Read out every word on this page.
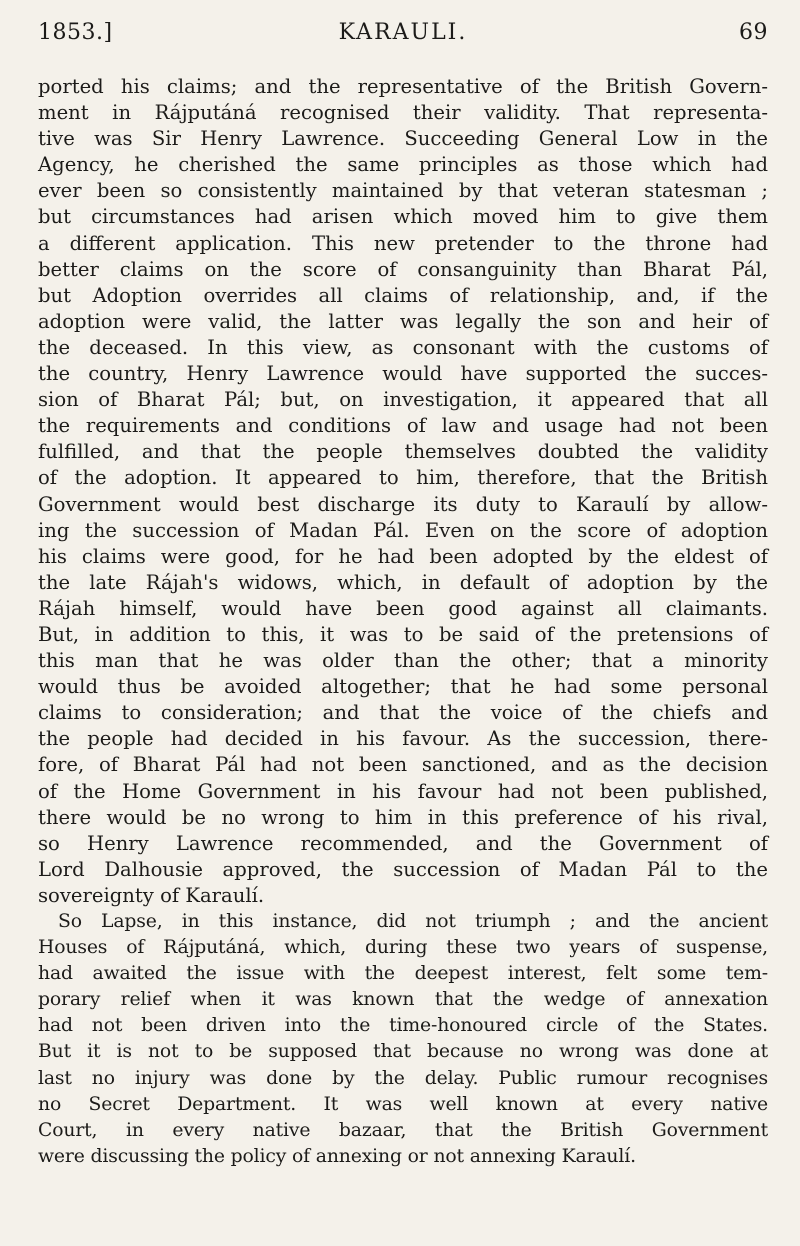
KARAULI.
1853.]	69
ported his claims; and the representative of the British Govern-
ment in Rájputáná recognised their validity. That representa-
tive was Sir Henry Lawrence. Succeeding General Low in the
Agency, he cherished the same principles as those which had
ever been so consistently maintained by that veteran statesman ;
but circumstances had arisen which moved him to give them
a different application. This new pretender to the throne had
better claims on the score of consanguinity than Bharat Pál,
but Adoption overrides all claims of relationship, and, if the
adoption were valid, the latter was legally the son and heir of
the deceased. In this view, as consonant with the customs of
the country, Henry Lawrence would have supported the succes-
sion of Bharat Pál; but, on investigation, it appeared that all
the requirements and conditions of law and usage had not been
fulfilled, and that the people themselves doubted the validity
of the adoption. It appeared to him, therefore, that the British
Government would best discharge its duty to Karaulí by allow-
ing the succession of Madan Pál. Even on the score of adoption
his claims were good, for he had been adopted by the eldest of
the late Rájah's widows, which, in default of adoption by the
Rájah himself, would have been good against all claimants.
But, in addition to this, it was to be said of the pretensions of
this man that he was older than the other; that a minority
would thus be avoided altogether; that he had some personal
claims to consideration; and that the voice of the chiefs and
the people had decided in his favour. As the succession, there-
fore, of Bharat Pál had not been sanctioned, and as the decision
of the Home Government in his favour had not been published,
there would be no wrong to him in this preference of his rival,
so Henry Lawrence recommended, and the Government of
Lord Dalhousie approved, the succession of Madan Pál to the
sovereignty of Karaulí.
So Lapse, in this instance, did not triumph ; and the ancient
Houses of Rájputáná, which, during these two years of suspense,
had awaited the issue with the deepest interest, felt some tem-
porary relief when it was known that the wedge of annexation
had not been driven into the time-honoured circle of the States.
But it is not to be supposed that because no wrong was done at
last no injury was done by the delay. Public rumour recognises
no Secret Department. It was well known at every native
Court, in every native bazaar, that the British Government
were discussing the policy of annexing or not annexing Karaulí.
